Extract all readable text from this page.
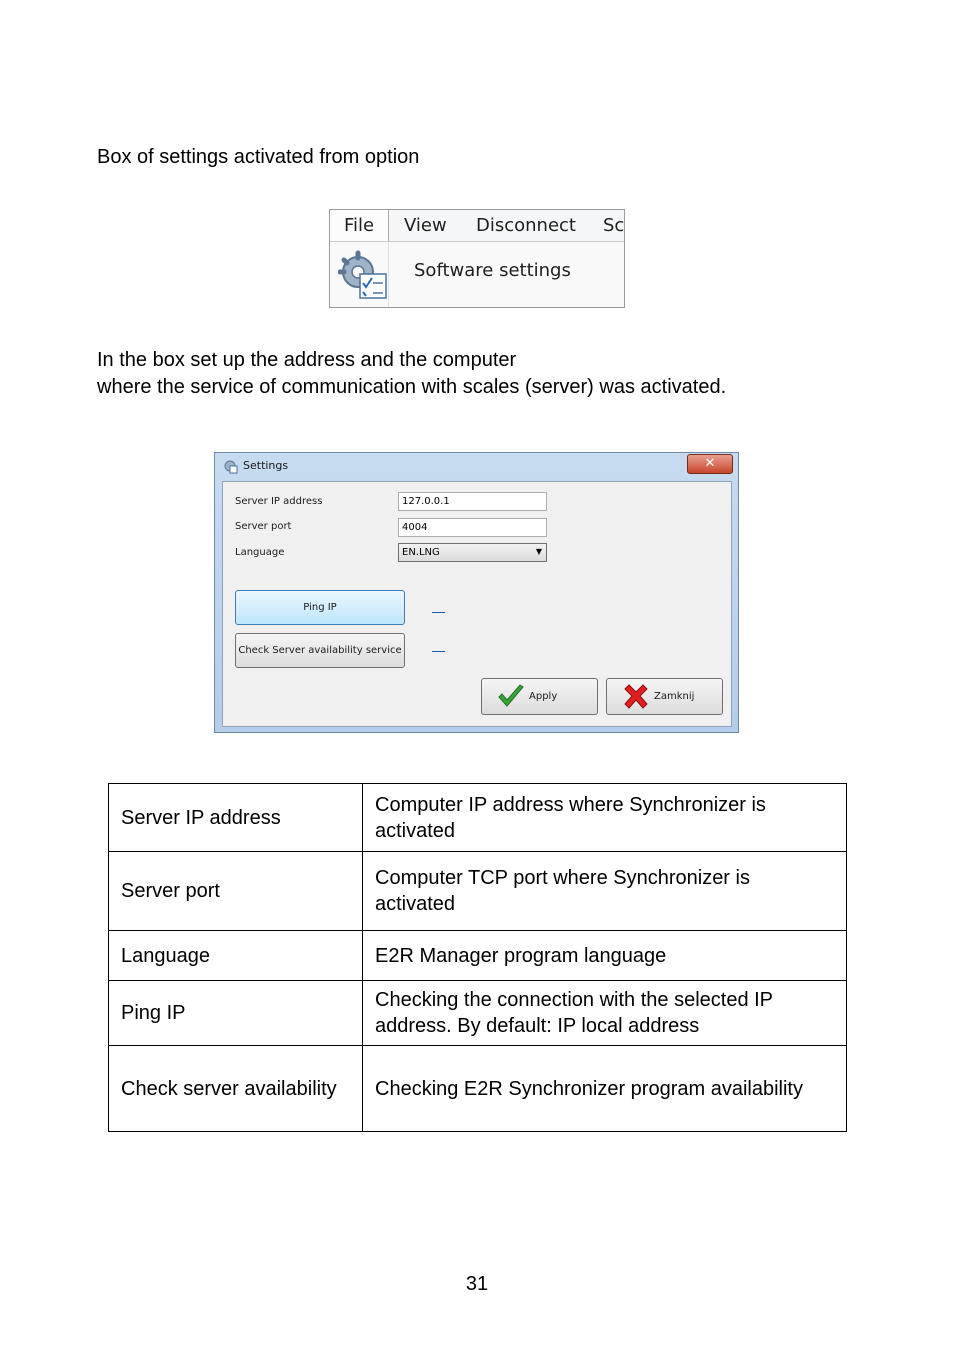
Box of settings activated from option

File	View Disconnect Sc
Software settings

In the box set up the address and the computer
where the service of communication with scales (server) was activated.

Settings	✕
Server IP address	127.0.0.1
Server port	4004
Language	EN.LNG	▼
Ping IP
Check Server availability service
Apply	Zamknij
Server IP address	Computer IP address where Synchronizer is activated
Server port	Computer TCP port where Synchronizer is activated
Language	E2R Manager program language
Ping IP	Checking the connection with the selected IP address. By default: IP local address
Check server availability	Checking E2R Synchronizer program availability
31
